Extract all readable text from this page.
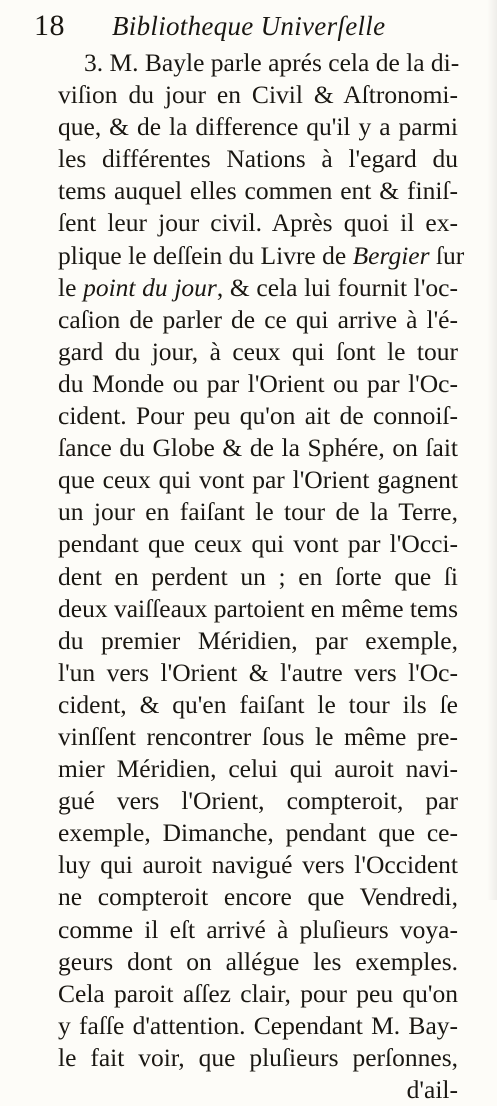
18 Bibliotheque Univerſelle
3. M. Bayle parle aprés cela de la di-
viſion du jour en Civil & Aſtronomi-
que, & de la difference qu'il y a parmi
les différentes Nations à l'egard du
tems auquel elles commen ent & finiſ-
ſent leur jour civil. Après quoi il ex-
plique le deſſein du Livre de Bergier ſur
le point du jour, & cela lui fournit l'oc-
caſion de parler de ce qui arrive à l'é-
gard du jour, à ceux qui ſont le tour
du Monde ou par l'Orient ou par l'Oc-
cident. Pour peu qu'on ait de connoiſ-
ſance du Globe & de la Sphére, on ſait
que ceux qui vont par l'Orient gagnent
un jour en faiſant le tour de la Terre,
pendant que ceux qui vont par l'Occi-
dent en perdent un ; en ſorte que ſi
deux vaiſſeaux partoient en même tems
du premier Méridien, par exemple,
l'un vers l'Orient & l'autre vers l'Oc-
cident, & qu'en faiſant le tour ils ſe
vinſſent rencontrer ſous le même pre-
mier Méridien, celui qui auroit navi-
gué vers l'Orient, compteroit, par
exemple, Dimanche, pendant que ce-
luy qui auroit navigué vers l'Occident
ne compteroit encore que Vendredi,
comme il eſt arrivé à pluſieurs voya-
geurs dont on allégue les exemples.
Cela paroit aſſez clair, pour peu qu'on
y faſſe d'attention. Cependant M. Bay-
le fait voir, que pluſieurs perſonnes,
d'ail-
